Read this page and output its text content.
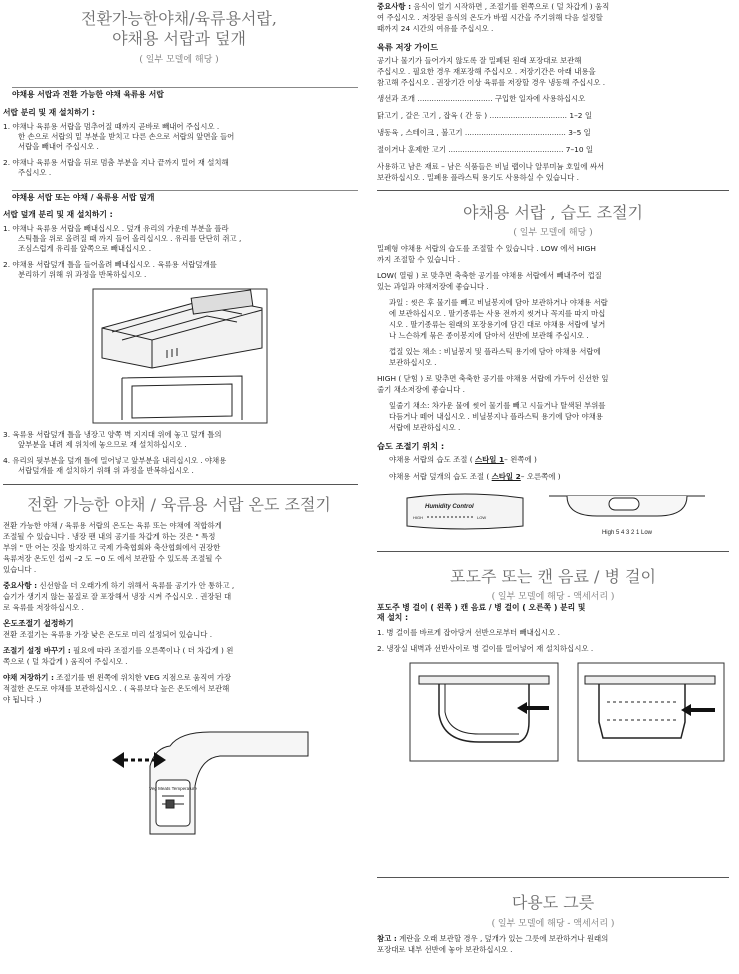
전환가능한야채/육류용서랍,
야채용 서랍과 덮개
( 일부 모델에 해당 )
야채용 서랍과 전환 가능한 야채 육류용 서랍
서랍 분리 및 재 설치하기 :
1. 야채나 육류용 서랍을 멈추어질 때까지 곧바로 빼내어 주십시오 .
한 손으로 서랍의 밑 부분을 받치고 다른 손으로 서랍의 앞면을 들어
서랍을 빼내어 주십시오 .
2. 야채나 육류용 서랍을 뒤로 멈춤 부분을 지나 끝까지 밀어 재 설치해
주십시오 .
야채용 서랍 또는 야채 / 육류용 서랍 덮개
서랍 덮개 분리 및 재 설치하기 :
1. 야채나 육류용 서랍을 빼내십시오 . 덮개 유리의 가운데 부분을 플라
스틱틀을 위로 올려질 때 까지 들어 올리십시오 . 유리를 단단히 쥐고 ,
조심스럽게 유리를 앞쪽으로 빼내십시오 .
2. 야채용 서랍덮개 틀을 들어올려 빼내십시오 . 육류용 서랍덮개를
분리하기 위해 위 과정을 반복하십시오 .
3. 육류용 서랍덮개 틀을 냉장고 양쪽 벽 지지대 위에 놓고 덮개 틀의
앞부분을 내려 제 위치에 놓으므로 재 설치하십시오 .
4. 유리의 뒷부분을 덮개 틀에 밀어넣고 앞부분을 내리십시오 . 야채용
서랍덮개를 재 설치하기 위해 위 과정을 반복하십시오 .
전환 가능한 야채 / 육류용 서랍 온도 조절기
전환 가능한 야채 / 육류용 서랍의 온도는 육류 또는 야채에 적합하게
조절될 수 있습니다 . 냉장 팬 내의 공기를 차갑게 하는 것은 " 특정
부위 " 만 어는 것을 방지하고 국제 가축협회와 축산협회에서 권장한
육류저장 온도인 섭씨 –2 도 ~0 도 에서 보관할 수 있도록 조절될 수
있습니다 .
중요사항 : 신선함을 더 오래가게 하기 위해서 육류를 공기가 안 통하고 ,
습기가 생기지 않는 물질로 잘 포장해서 냉장 시켜 주십시오 . 권장된 대
로 육류를 저장하십시오 .
온도조절기 설정하기
전환 조절기는 육류용 가장 낮은 온도로 미리 설정되어 있습니다 .
조절기 설정 바꾸기 : 필요에 따라 조절기를 오른쪽이나 ( 더 차갑게 ) 왼
쪽으로 ( 덜 차갑게 ) 움직여 주십시오 .
야채 저장하기 : 조절기를 맨 왼쪽에 위치한 VEG 지점으로 움직여 가장
적절한 온도로 야채를 보관하십시오 . ( 육류보다 높은 온도에서 보관해
야 됩니다 .)
Veg Meats Temperature
중요사항 : 음식이 얼기 시작하면 , 조절기를 왼쪽으로 ( 덜 차갑게 ) 움직
여 주십시오 . 저장된 음식의 온도가 바뀔 시간을 주기위해 다음 설정할
때까지 24 시간의 여유를 주십시오 .
육류 저장 가이드
공기나 물기가 들어가지 않도록 잘 밀폐된 원래 포장대로 보관해
주십시오 . 필요한 경우 재포장해 주십시오 . 저장기간은 아래 내용을
참고해 주십시오 . 권장기간 이상 육류를 저장할 경우 냉동해 주십시오 .
생선과 조개 ................................ 구입한 일자에 사용하십시오
닭고기 , 갈은 고기 , 잡육 ( 간 등 ) ................................. 1–2 일
냉동육 , 스테이크 , 불고기 ........................................... 3–5 일
절이거나 훈제한 고기 ................................................. 7–10 일
사용하고 남은 재료 – 남은 식품들은 비닐 랩이나 알루미늄 호일에 싸서
보관하십시오 . 밀폐용 플라스틱 용기도 사용하실 수 있습니다 .
야채용 서랍 , 습도 조절기
( 일부 모델에 해당 )
밀폐형 야채용 서랍의 습도를 조절할 수 있습니다 . LOW 에서 HIGH
까지 조절할 수 있습니다 .
LOW( 열림 ) 로 맞추면 축축한 공기를 야채용 서랍에서 빼내주어 껍질
있는 과일과 야채저장에 좋습니다 .
과일 : 씻은 후 물기를 빼고 비닐봉지에 담아 보관하거나 야채용 서랍
에 보관하십시오 . 딸기종류는 사용 전까지 씻거나 꼭지를 따지 마십
시오 . 딸기종류는 원래의 포장용기에 담긴 대로 야채용 서랍에 넣거
나 느슨하게 묶은 종이봉지에 담아서 선반에 보관해 주십시오 .
껍질 있는 채소 : 비닐봉지 및 플라스틱 용기에 담아 야채용 서랍에
보관하십시오 .
HIGH ( 닫힘 ) 로 맞추면 축축한 공기를 야채용 서랍에 가두어 신선한 잎
줄기 채소저장에 좋습니다 .
잎줄기 채소: 차가운 물에 씻어 물기를 빼고 시들거나 탈색된 부위를
다듬거나 떼어 내십시오 . 비닐봉지나 플라스틱 용기에 담아 야채용
서랍에 보관하십시오 .
습도 조절기 위치 :
야채용 서랍의 습도 조절 ( 스타일 1– 왼쪽에 )
야채용 서랍 덮개의 습도 조절 ( 스타일 2– 오른쪽에 )
Humidity Control
HIGH	LOW
High 5 4 3 2 1 Low
포도주 또는 캔 음료 / 병 걸이
( 일부 모델에 해당 - 액세서리 )
포도주 병 걸이 ( 왼쪽 ) 캔 음료 / 병 걸이 ( 오른쪽 ) 분리 및
재 설치 :
1. 병 걸이를 바르게 잡아당겨 선반으로부터 빼내십시오 .
2. 냉장실 내벽과 선반사이로 병 걸이를 밀어넣어 재 설치하십시오 .
다용도 그릇
( 일부 모델에 해당 - 액세서리 )
참고 : 계란을 오래 보관할 경우 , 덮개가 있는 그릇에 보관하거나 원래의
포장대로 내부 선반에 놓아 보관하십시오 .
